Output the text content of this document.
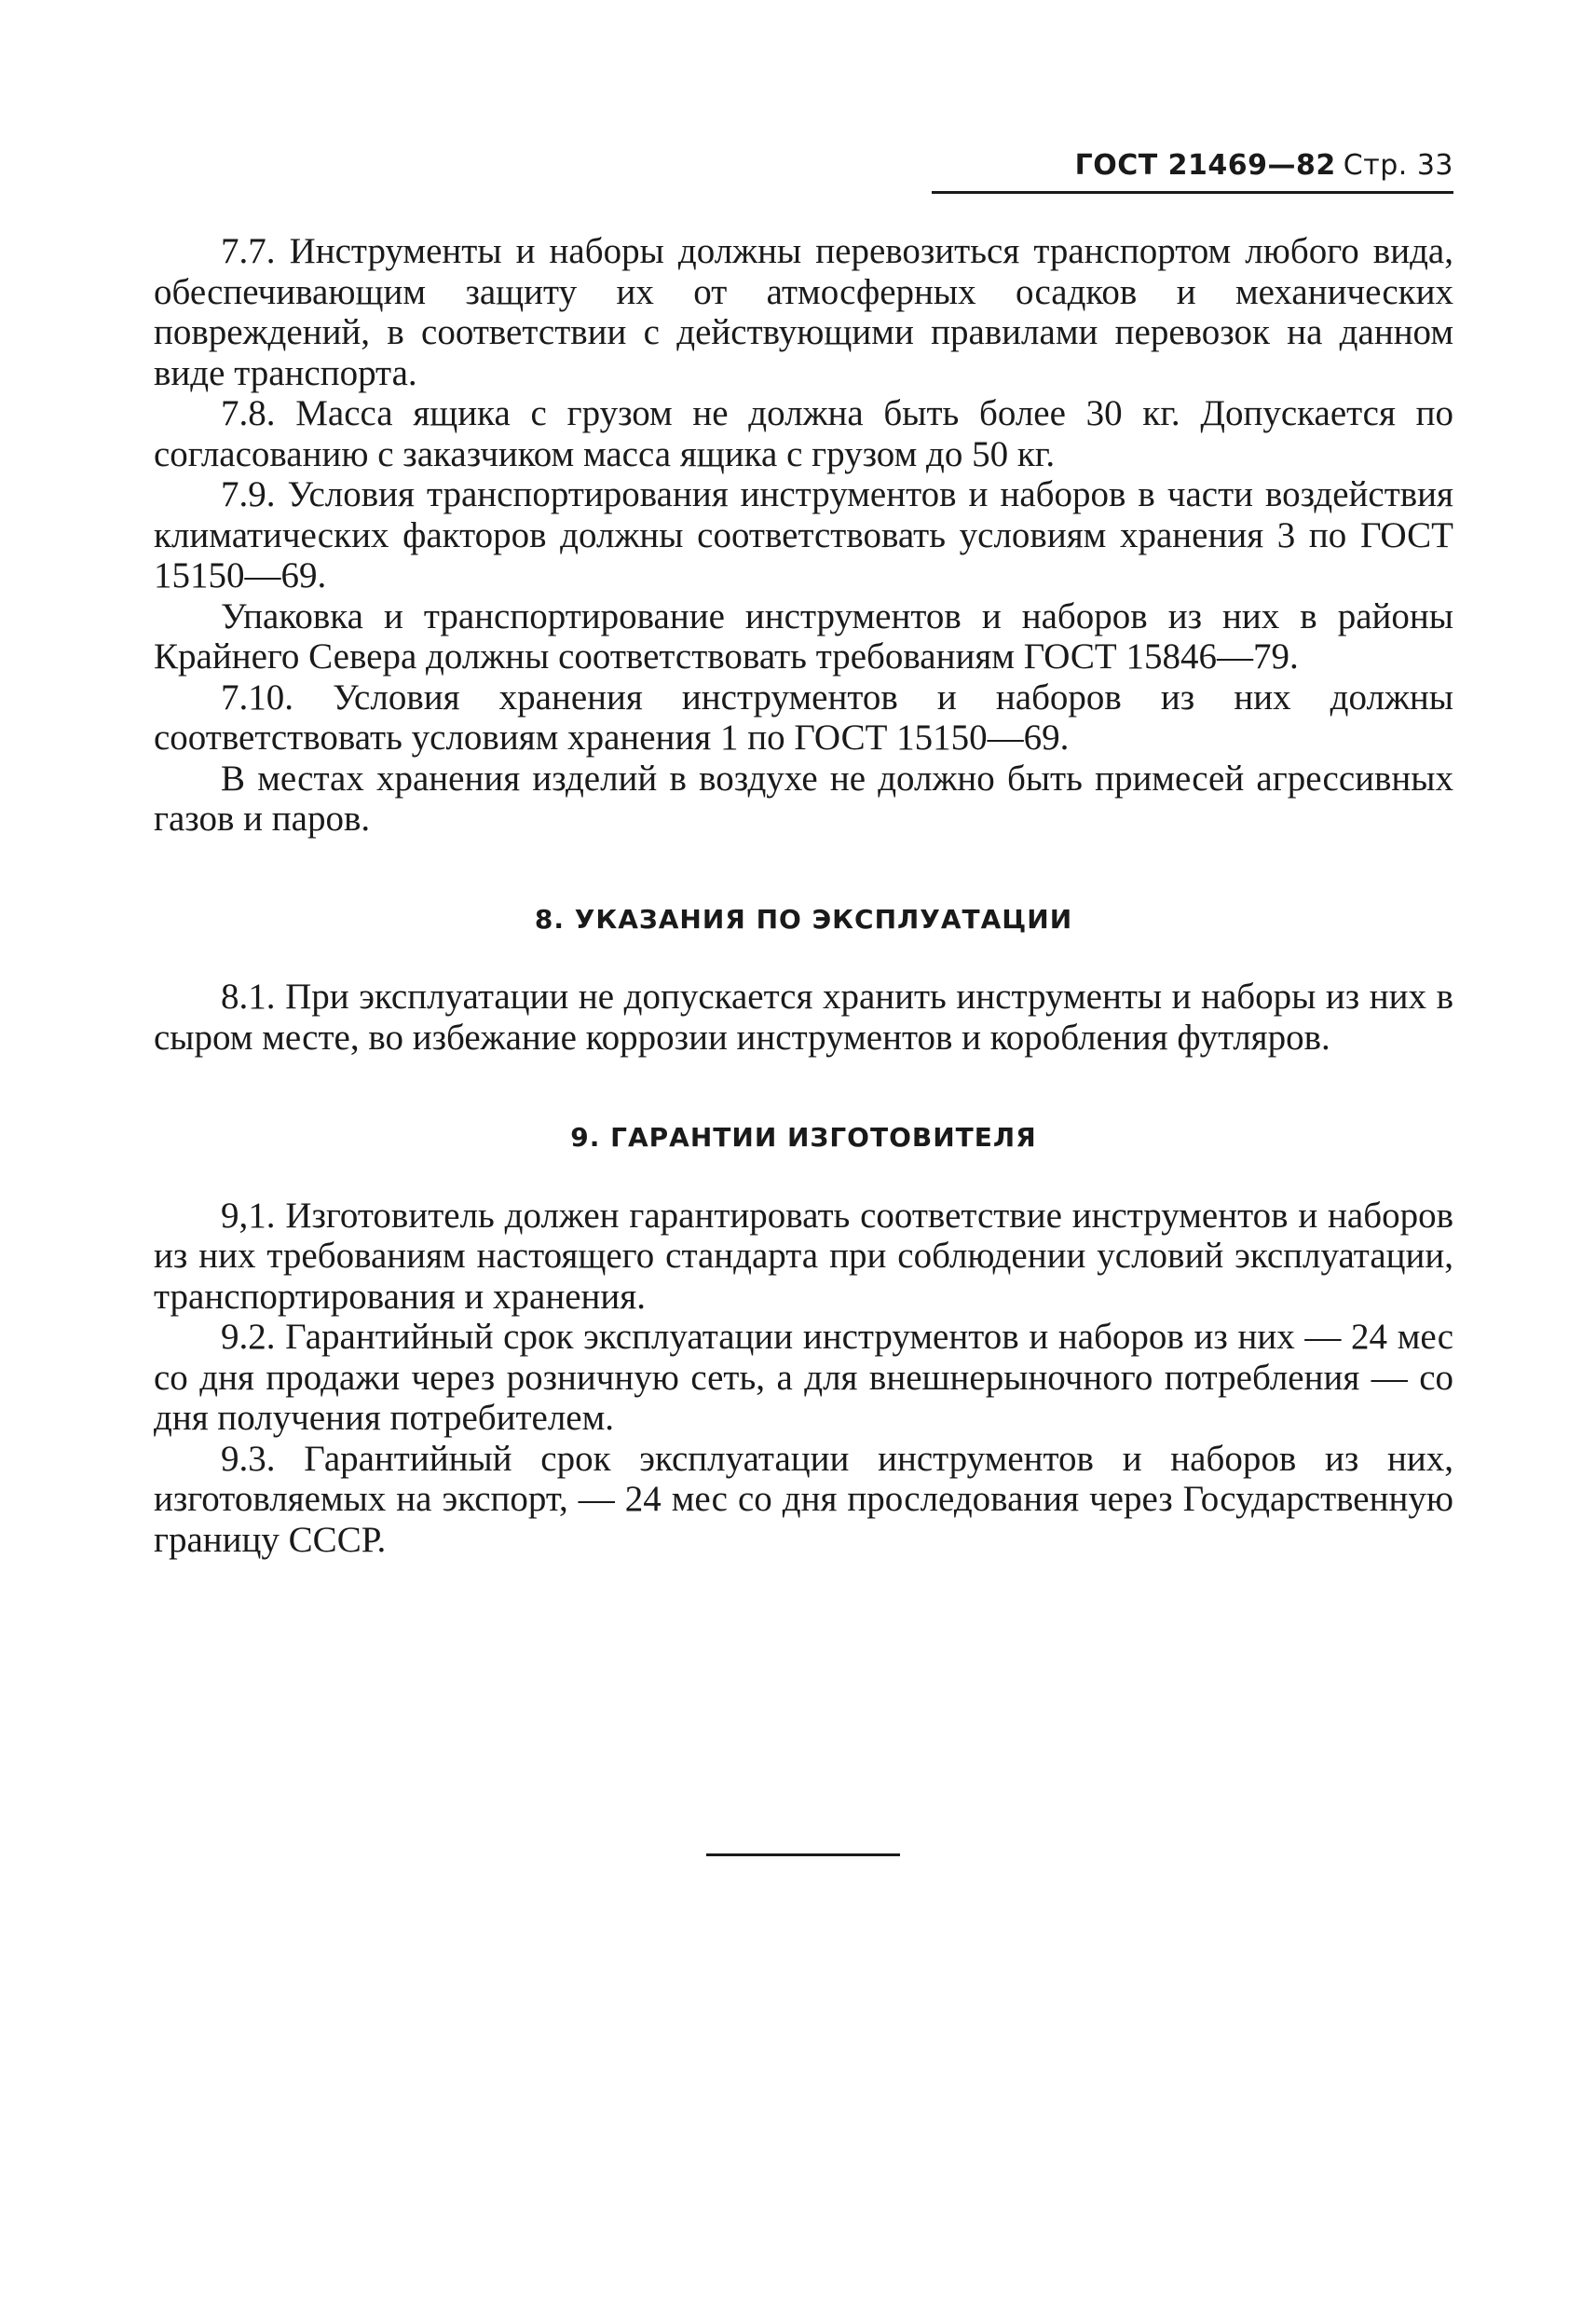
ГОСТ 21469—82 Стр. 33

7.7. Инструменты и наборы должны перевозиться транспортом любого вида, обеспечивающим защиту их от атмосферных осадков и механических повреждений, в соответствии с действующими правилами перевозок на данном виде транспорта.

7.8. Масса ящика с грузом не должна быть более 30 кг. Допускается по согласованию с заказчиком масса ящика с грузом до 50 кг.

7.9. Условия транспортирования инструментов и наборов в части воздействия климатических факторов должны соответствовать условиям хранения 3 по ГОСТ 15150—69.

Упаковка и транспортирование инструментов и наборов из них в районы Крайнего Севера должны соответствовать требованиям ГОСТ 15846—79.

7.10. Условия хранения инструментов и наборов из них должны соответствовать условиям хранения 1 по ГОСТ 15150—69.

В местах хранения изделий в воздухе не должно быть примесей агрессивных газов и паров.

8. УКАЗАНИЯ ПО ЭКСПЛУАТАЦИИ

8.1. При эксплуатации не допускается хранить инструменты и наборы из них в сыром месте, во избежание коррозии инструментов и коробления футляров.

9. ГАРАНТИИ ИЗГОТОВИТЕЛЯ

9,1. Изготовитель должен гарантировать соответствие инструментов и наборов из них требованиям настоящего стандарта при соблюдении условий эксплуатации, транспортирования и хранения.

9.2. Гарантийный срок эксплуатации инструментов и наборов из них — 24 мес со дня продажи через розничную сеть, а для внешнерыночного потребления — со дня получения потребителем.

9.3. Гарантийный срок эксплуатации инструментов и наборов из них, изготовляемых на экспорт, — 24 мес со дня проследования через Государственную границу СССР.
